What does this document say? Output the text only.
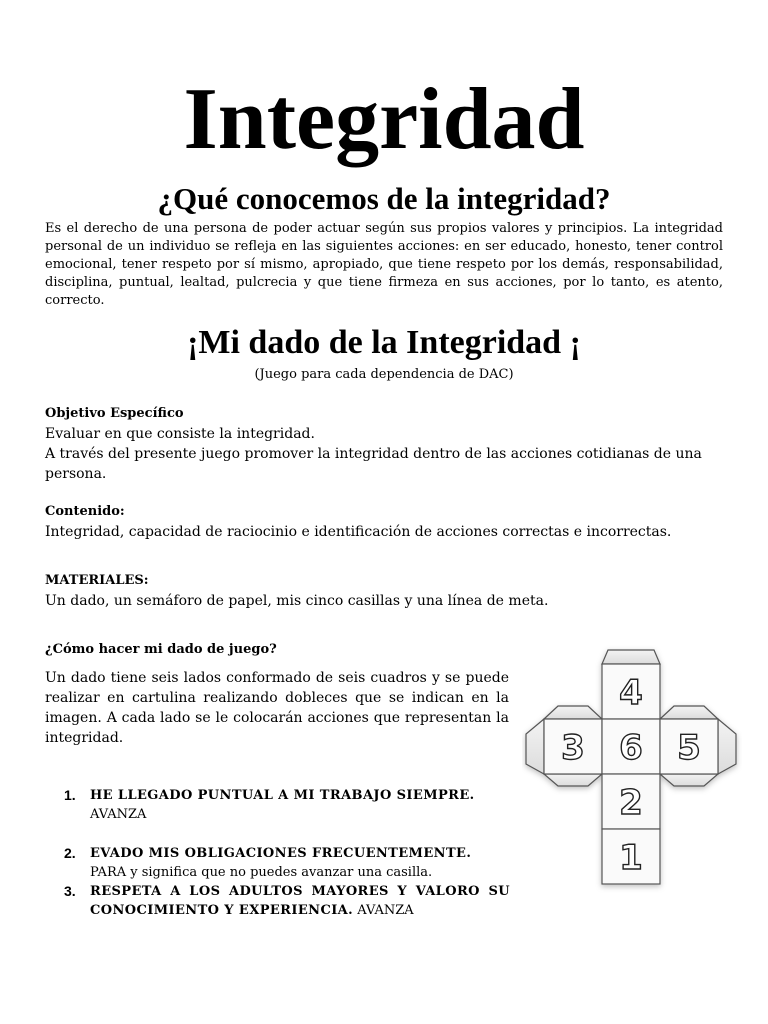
Integridad
¿Qué conocemos de la integridad?

Es el derecho de una persona de poder actuar según sus propios valores y principios. La integridad personal de un individuo se refleja en las siguientes acciones: en ser educado, honesto, tener control emocional, tener respeto por sí mismo, apropiado, que tiene respeto por los demás, responsabilidad, disciplina, puntual, lealtad, pulcrecia y que tiene firmeza en sus acciones, por lo tanto, es atento, correcto.

¡Mi dado de la Integridad ¡

(Juego para cada dependencia de DAC)

Objetivo Específico
Evaluar en que consiste la integridad.
A través del presente juego promover la integridad dentro de las acciones cotidianas de una persona.
Contenido:
Integridad, capacidad de raciocinio e identificación de acciones correctas e incorrectas.
MATERIALES:
Un dado, un semáforo de papel, mis cinco casillas y una línea de meta.
¿Cómo hacer mi dado de juego?

Un dado tiene seis lados conformado de seis cuadros y se puede realizar en cartulina realizando dobleces que se indican en la imagen. A cada lado se le colocarán acciones que representan la integridad.

1. HE LLEGADO PUNTUAL A MI TRABAJO SIEMPRE.
AVANZA
2. EVADO MIS OBLIGACIONES FRECUENTEMENTE.
PARA y significa que no puedes avanzar una casilla.
3. RESPETA A LOS ADULTOS MAYORES Y VALORO SU CONOCIMIENTO Y EXPERIENCIA. AVANZA
4
3 6 5
2
1
